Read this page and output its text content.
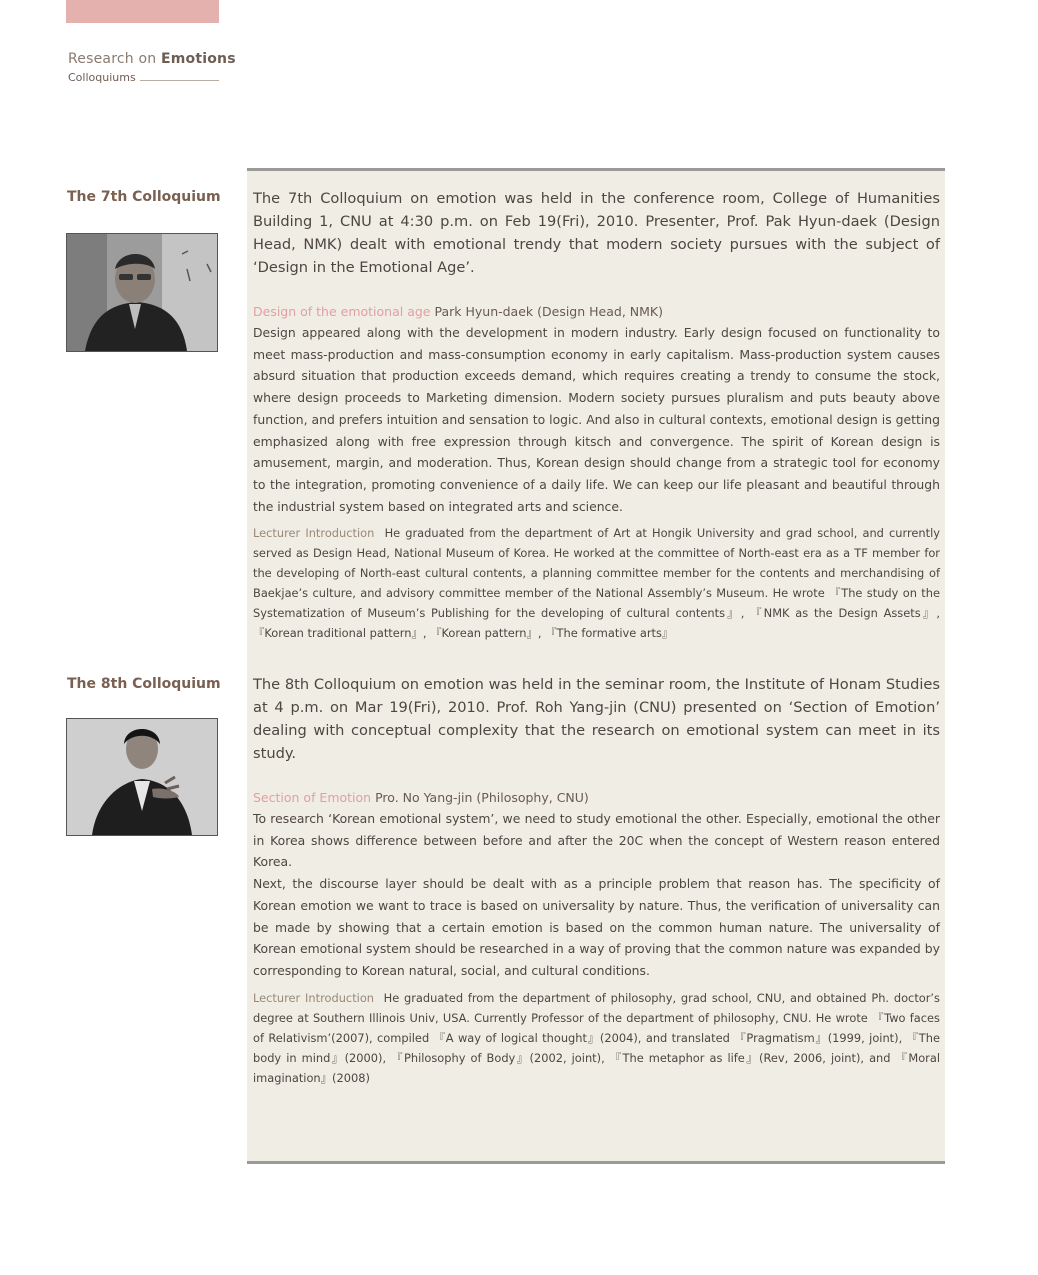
Research on Emotions
Colloquiums
The 7th Colloquium The 7th Colloquium on emotion was held in the conference room, College of Humanities Building 1, CNU at 4:30 p.m. on Feb 19(Fri), 2010. Presenter, Prof. Pak Hyun-daek (Design Head, NMK) dealt with emotional trendy that modern society pursues with the subject of ‘Design in the Emotional Age’.

Design of the emotional age Park Hyun-daek (Design Head, NMK)

Design appeared along with the development in modern industry. Early design focused on functionality to meet mass-production and mass-consumption economy in early capitalism. Mass-production system causes absurd situation that production exceeds demand, which requires creating a trendy to consume the stock, where design proceeds to Marketing dimension. Modern society pursues pluralism and puts beauty above function, and prefers intuition and sensation to logic. And also in cultural contexts, emotional design is getting emphasized along with free expression through kitsch and convergence. The spirit of Korean design is amusement, margin, and moderation. Thus, Korean design should change from a strategic tool for economy to the integration, promoting convenience of a daily life. We can keep our life pleasant and beautiful through the industrial system based on integrated arts and science.

Lecturer Introduction He graduated from the department of Art at Hongik University and grad school, and currently served as Design Head, National Museum of Korea. He worked at the committee of North-east era as a TF member for the developing of North-east cultural contents, a planning committee member for the contents and merchandising of Baekjae’s culture, and advisory committee member of the National Assembly’s Museum. He wrote 『The study on the Systematization of Museum’s Publishing for the developing of cultural contents』, 『NMK as the Design Assets』, 『Korean traditional pattern』, 『Korean pattern』, 『The formative arts』

The 8th Colloquium The 8th Colloquium on emotion was held in the seminar room, the Institute of Honam Studies at 4 p.m. on Mar 19(Fri), 2010. Prof. Roh Yang-jin (CNU) presented on ‘Section of Emotion’ dealing with conceptual complexity that the research on emotional system can meet in its study.

Section of Emotion Pro. No Yang-jin (Philosophy, CNU)

To research ‘Korean emotional system’, we need to study emotional the other. Especially, emotional the other in Korea shows difference between before and after the 20C when the concept of Western reason entered Korea.

Next, the discourse layer should be dealt with as a principle problem that reason has. The specificity of Korean emotion we want to trace is based on universality by nature. Thus, the verification of universality can be made by showing that a certain emotion is based on the common human nature. The universality of Korean emotional system should be researched in a way of proving that the common nature was expanded by corresponding to Korean natural, social, and cultural conditions.

Lecturer Introduction He graduated from the department of philosophy, grad school, CNU, and obtained Ph. doctor’s degree at Southern Illinois Univ, USA. Currently Professor of the department of philosophy, CNU. He wrote 『Two faces of Relativism’(2007), compiled 『A way of logical thought』(2004), and translated 『Pragmatism』(1999, joint), 『The body in mind』(2000), 『Philosophy of Body』(2002, joint), 『The metaphor as life』(Rev, 2006, joint), and 『Moral imagination』(2008)
